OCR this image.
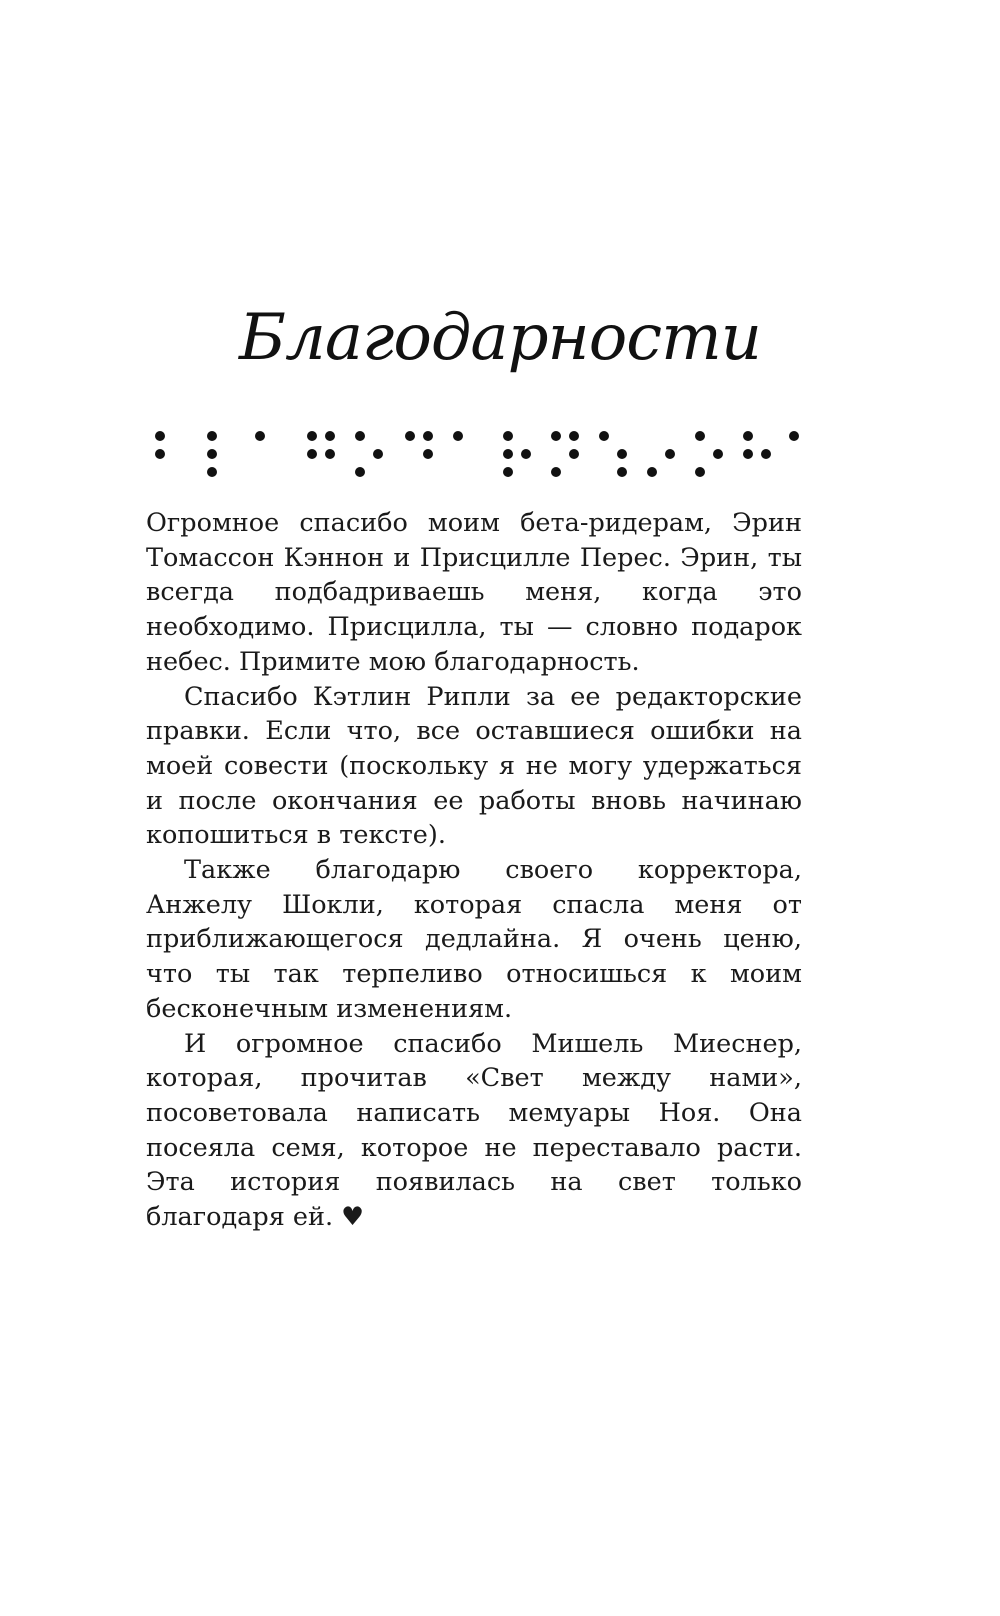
Благодарности

Огромное спасибо моим бета-ридерам, Эрин Томассон Кэннон и Присцилле Перес. Эрин, ты всегда подбадриваешь меня, когда это необходимо. Присцилла, ты — словно подарок небес. Примите мою благодарность.

Спасибо Кэтлин Рипли за ее редакторские правки. Если что, все оставшиеся ошибки на моей совести (поскольку я не могу удержаться и после окончания ее работы вновь начинаю копошиться в тексте).

Также благодарю своего корректора, Анжелу Шокли, которая спасла меня от приближающегося дедлайна. Я очень ценю, что ты так терпеливо относишься к моим бесконечным изменениям.

И огромное спасибо Мишель Миеснер, которая, прочитав «Свет между нами», посоветовала написать мемуары Ноя. Она посеяла семя, которое не переставало расти. Эта история появилась на свет только благодаря ей. ♥
